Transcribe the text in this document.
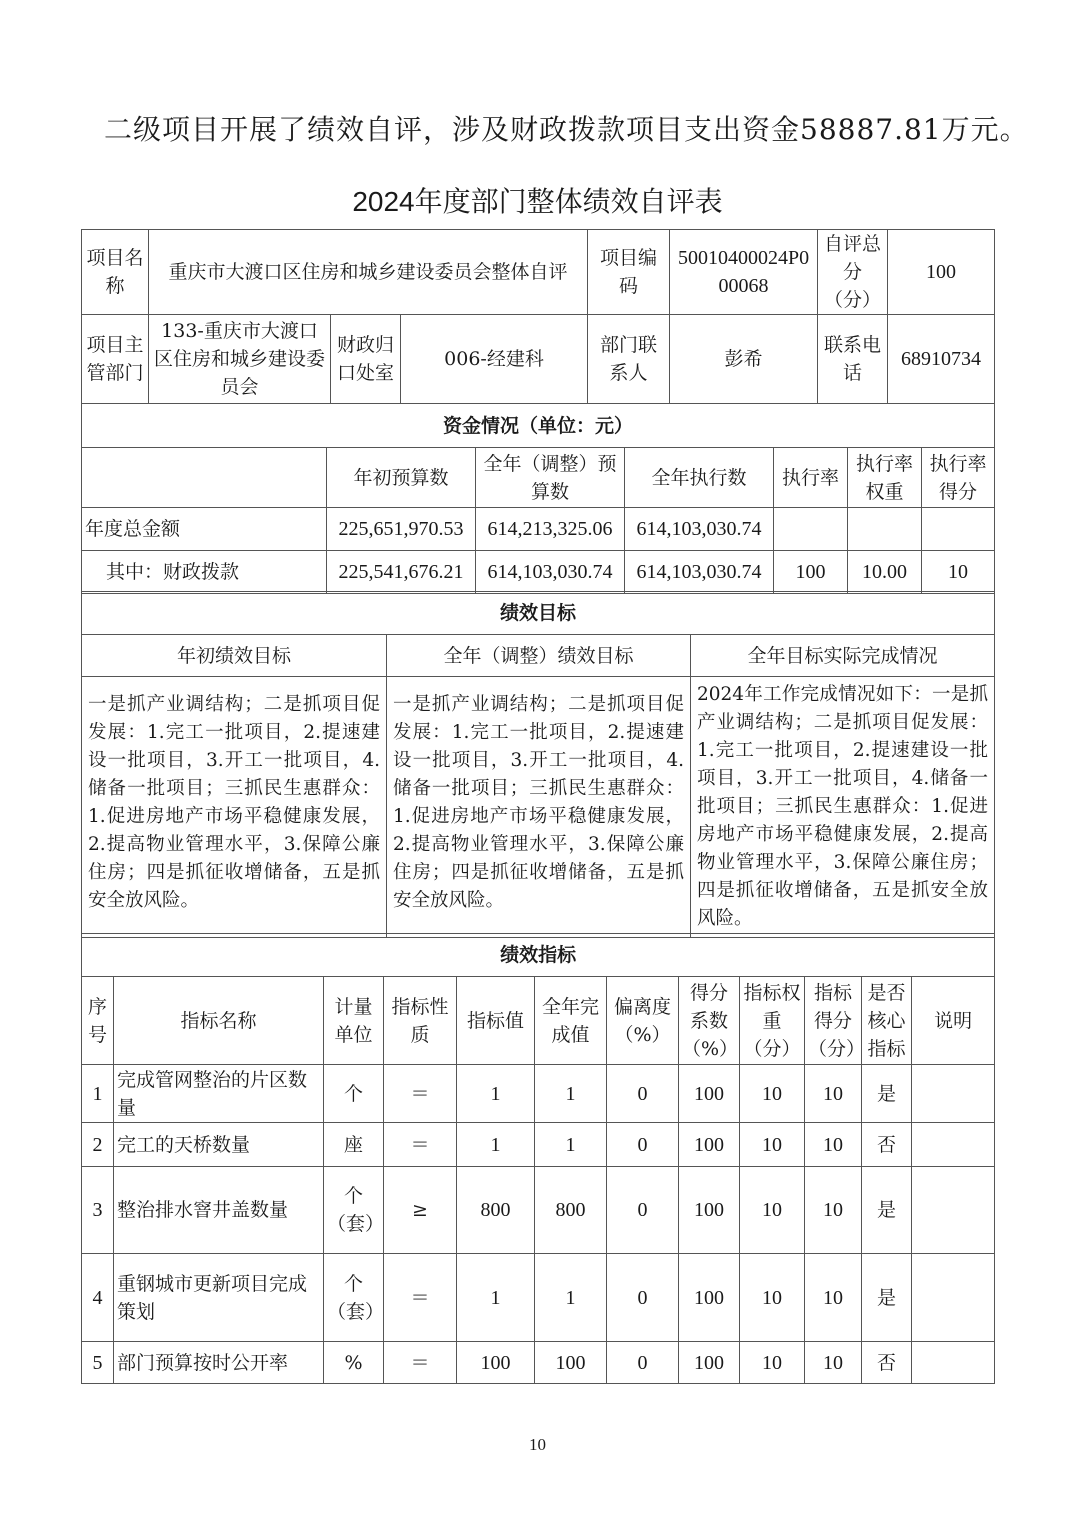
二级项目开展了绩效自评，涉及财政拨款项目支出资金58887.81万元。
2024年度部门整体绩效自评表
项目名称	重庆市大渡口区住房和城乡建设委员会整体自评			项目编码	50010400024P000068	自评总分（分）	100
项目主管部门	133-重庆市大渡口区住房和城乡建设委员会	财政归口处室	006-经建科	部门联系人	彭希	联系电话	68910734
资金情况（单位：元）						
	年初预算数	全年（调整）预算数	全年执行数	执行率	执行率权重	执行率得分
年度总金额	225,651,970.53	614,213,325.06	614,103,030.74			
其中：财政拨款	225,541,676.21	614,103,030.74	614,103,030.74	100	10.00	10
绩效目标		
年初绩效目标	全年（调整）绩效目标	全年目标实际完成情况
一是抓产业调结构；二是抓项目促发展：1.完工一批项目，2.提速建设一批项目，3.开工一批项目，4.储备一批项目；三抓民生惠群众：1.促进房地产市场平稳健康发展，2.提高物业管理水平，3.保障公廉住房；四是抓征收增储备，五是抓安全放风险。	一是抓产业调结构；二是抓项目促发展：1.完工一批项目，2.提速建设一批项目，3.开工一批项目，4.储备一批项目；三抓民生惠群众：1.促进房地产市场平稳健康发展，2.提高物业管理水平，3.保障公廉住房；四是抓征收增储备，五是抓安全放风险。	2024年工作完成情况如下：一是抓产业调结构；二是抓项目促发展：1.完工一批项目，2.提速建设一批项目，3.开工一批项目，4.储备一批项目；三抓民生惠群众：1.促进房地产市场平稳健康发展，2.提高物业管理水平，3.保障公廉住房；四是抓征收增储备，五是抓安全放风险。
绩效指标											
序号	指标名称	计量单位	指标性质	指标值	全年完成值	偏离度（%）	得分系数（%）	指标权重（分）	指标得分（分）	是否核心指标	说明
1	完成管网整治的片区数量	个	＝	1	1	0	100	10	10	是	
2	完工的天桥数量	座	＝	1	1	0	100	10	10	否	
3	整治排水窨井盖数量	个（套）	≥	800	800	0	100	10	10	是	
4	重钢城市更新项目完成策划	个（套）	＝	1	1	0	100	10	10	是	
5	部门预算按时公开率	%	＝	100	100	0	100	10	10	否	
10
